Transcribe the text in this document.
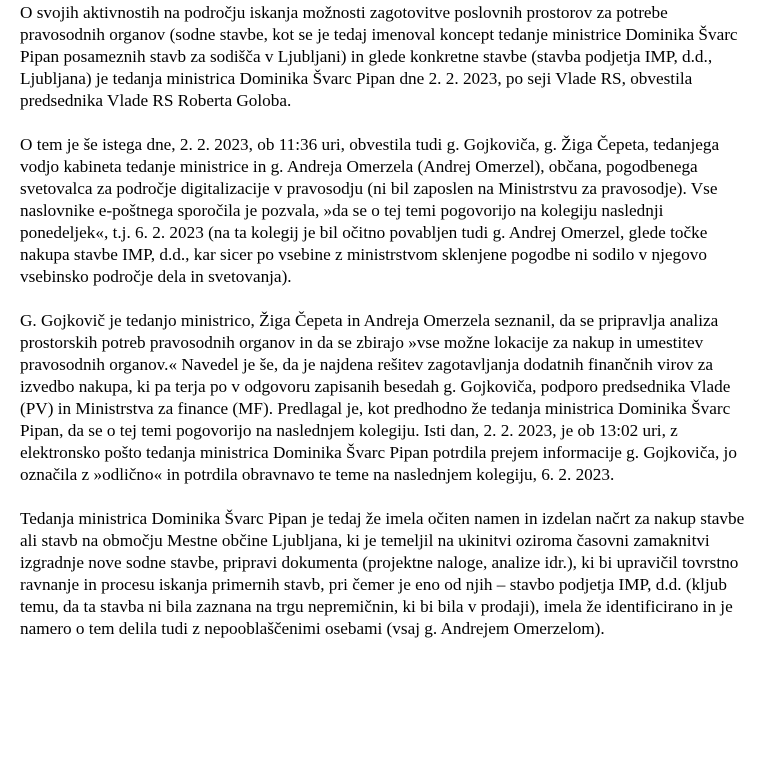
O svojih aktivnostih na področju iskanja možnosti zagotovitve poslovnih prostorov za potrebe pravosodnih organov (sodne stavbe, kot se je tedaj imenoval koncept tedanje ministrice Dominika Švarc Pipan posameznih stavb za sodišča v Ljubljani) in glede konkretne stavbe (stavba podjetja IMP, d.d., Ljubljana) je tedanja ministrica Dominika Švarc Pipan dne 2. 2. 2023, po seji Vlade RS, obvestila predsednika Vlade RS Roberta Goloba.

O tem je še istega dne, 2. 2. 2023, ob 11:36 uri, obvestila tudi g. Gojkoviča, g. Žiga Čepeta, tedanjega vodjo kabineta tedanje ministrice in g. Andreja Omerzela (Andrej Omerzel), občana, pogodbenega svetovalca za področje digitalizacije v pravosodju (ni bil zaposlen na Ministrstvu za pravosodje). Vse naslovnike e-poštnega sporočila je pozvala, »da se o tej temi pogovorijo na kolegiju naslednji ponedeljek«, t.j. 6. 2. 2023 (na ta kolegij je bil očitno povabljen tudi g. Andrej Omerzel, glede točke nakupa stavbe IMP, d.d., kar sicer po vsebine z ministrstvom sklenjene pogodbe ni sodilo v njegovo vsebinsko področje dela in svetovanja).

G. Gojkovič je tedanjo ministrico, Žiga Čepeta in Andreja Omerzela seznanil, da se pripravlja analiza prostorskih potreb pravosodnih organov in da se zbirajo »vse možne lokacije za nakup in umestitev pravosodnih organov.« Navedel je še, da je najdena rešitev zagotavljanja dodatnih finančnih virov za izvedbo nakupa, ki pa terja po v odgovoru zapisanih besedah g. Gojkoviča, podporo predsednika Vlade (PV) in Ministrstva za finance (MF). Predlagal je, kot predhodno že tedanja ministrica Dominika Švarc Pipan, da se o tej temi pogovorijo na naslednjem kolegiju. Isti dan, 2. 2. 2023, je ob 13:02 uri, z elektronsko pošto tedanja ministrica Dominika Švarc Pipan potrdila prejem informacije g. Gojkoviča, jo označila z »odlično« in potrdila obravnavo te teme na naslednjem kolegiju, 6. 2. 2023.

Tedanja ministrica Dominika Švarc Pipan je tedaj že imela očiten namen in izdelan načrt za nakup stavbe ali stavb na območju Mestne občine Ljubljana, ki je temeljil na ukinitvi oziroma časovni zamaknitvi izgradnje nove sodne stavbe, pripravi dokumenta (projektne naloge, analize idr.), ki bi upravičil tovrstno ravnanje in procesu iskanja primernih stavb, pri čemer je eno od njih – stavbo podjetja IMP, d.d. (kljub temu, da ta stavba ni bila zaznana na trgu nepremičnin, ki bi bila v prodaji), imela že identificirano in je namero o tem delila tudi z nepooblaščenimi osebami (vsaj g. Andrejem Omerzelom).
